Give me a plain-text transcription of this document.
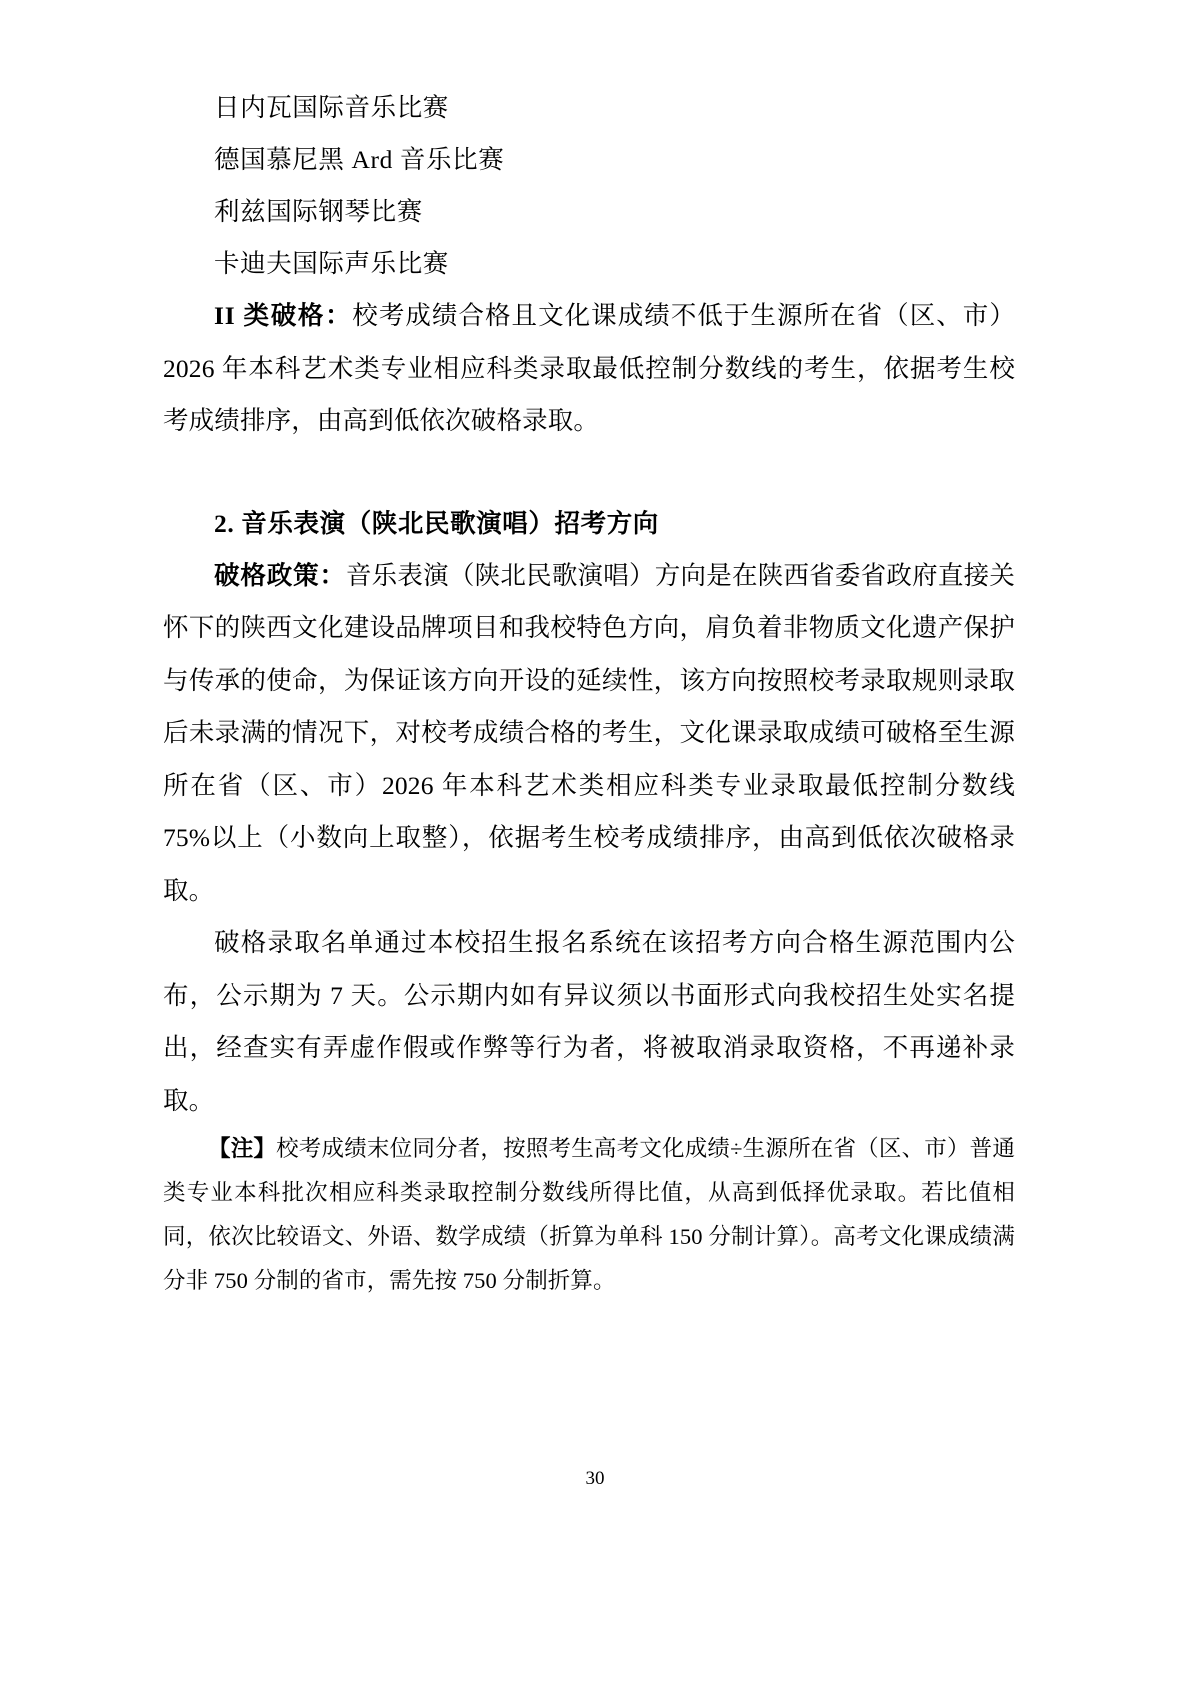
日内瓦国际音乐比赛
德国慕尼黑 Ard 音乐比赛
利兹国际钢琴比赛
卡迪夫国际声乐比赛

II 类破格：校考成绩合格且文化课成绩不低于生源所在省（区、市）2026 年本科艺术类专业相应科类录取最低控制分数线的考生，依据考生校考成绩排序，由高到低依次破格录取。

2. 音乐表演（陕北民歌演唱）招考方向

破格政策：音乐表演（陕北民歌演唱）方向是在陕西省委省政府直接关怀下的陕西文化建设品牌项目和我校特色方向，肩负着非物质文化遗产保护与传承的使命，为保证该方向开设的延续性，该方向按照校考录取规则录取后未录满的情况下，对校考成绩合格的考生，文化课录取成绩可破格至生源所在省（区、市）2026 年本科艺术类相应科类专业录取最低控制分数线 75%以上（小数向上取整），依据考生校考成绩排序，由高到低依次破格录取。

破格录取名单通过本校招生报名系统在该招考方向合格生源范围内公布，公示期为 7 天。公示期内如有异议须以书面形式向我校招生处实名提出，经查实有弄虚作假或作弊等行为者，将被取消录取资格，不再递补录取。

【注】校考成绩末位同分者，按照考生高考文化成绩÷生源所在省（区、市）普通类专业本科批次相应科类录取控制分数线所得比值，从高到低择优录取。若比值相同，依次比较语文、外语、数学成绩（折算为单科 150 分制计算）。高考文化课成绩满分非 750 分制的省市，需先按 750 分制折算。

30
